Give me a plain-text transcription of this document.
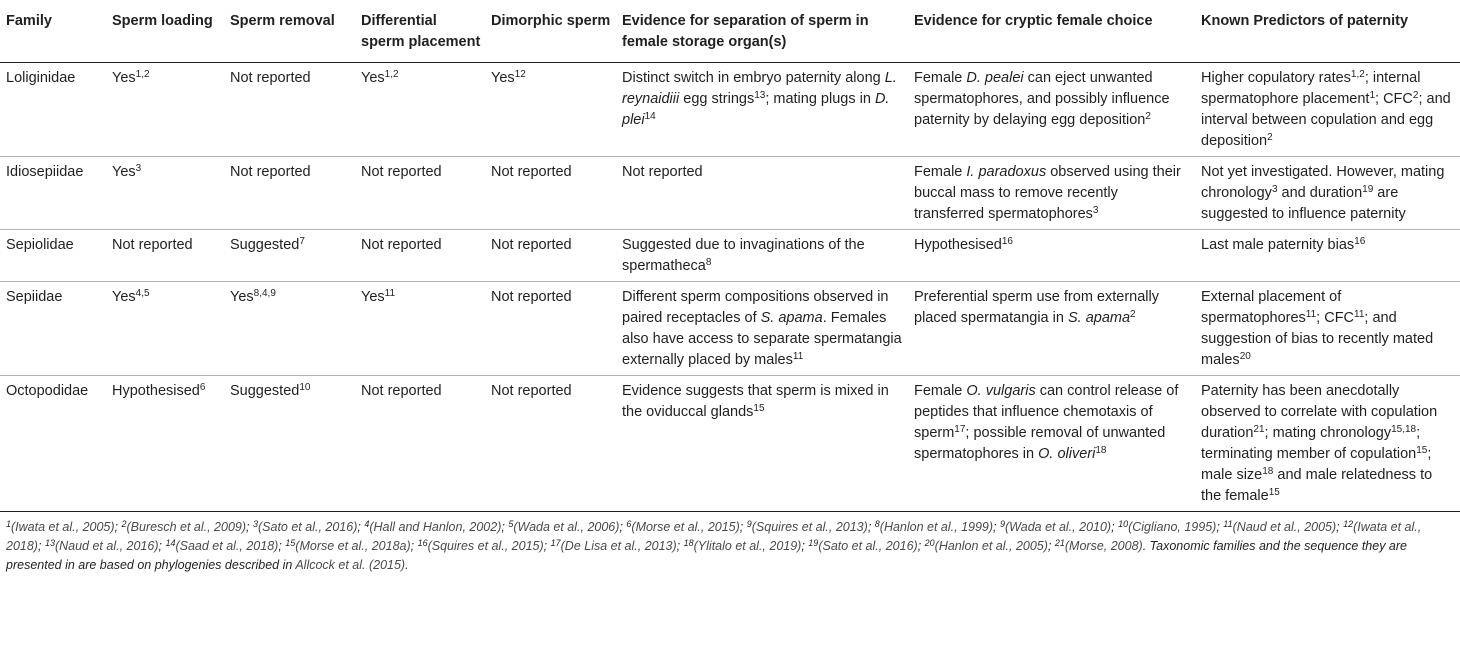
Family	Sperm loading	Sperm removal	Differential sperm placement	Dimorphic sperm	Evidence for separation of sperm in female storage organ(s)	Evidence for cryptic female choice	Known Predictors of paternity
Loliginidae	Yes$^{1,2}$	Not reported	Yes$^{1,2}$	Yes$^{12}$	Distinct switch in embryo paternity along L. reynaidiii egg strings$^{13}$; mating plugs in D. plei$^{14}$	Female D. pealei can eject unwanted spermatophores, and possibly influence paternity by delaying egg deposition$^2$	Higher copulatory rates$^{1,2}$; internal spermatophore placement$^1$; CFC$^2$; and interval between copulation and egg deposition$^2$
Idiosepiidae	Yes$^3$	Not reported	Not reported	Not reported	Not reported	Female I. paradoxus observed using their buccal mass to remove recently transferred spermatophores$^3$	Not yet investigated. However, mating chronology$^3$ and duration$^{19}$ are suggested to influence paternity
Sepiolidae	Not reported	Suggested$^7$	Not reported	Not reported	Suggested due to invaginations of the spermatheca$^8$	Hypothesised$^{16}$	Last male paternity bias$^{16}$
Sepiidae	Yes$^{4,5}$	Yes$^{8,4,9}$	Yes$^{11}$	Not reported	Different sperm compositions observed in paired receptacles of S. apama. Females also have access to separate spermatangia externally placed by males$^{11}$	Preferential sperm use from externally placed spermatangia in S. apama$^2$	External placement of spermatophores$^{11}$; CFC$^{11}$; and suggestion of bias to recently mated males$^{20}$
Octopodidae	Hypothesised$^6$	Suggested$^{10}$	Not reported	Not reported	Evidence suggests that sperm is mixed in the oviduccal glands$^{15}$	Female O. vulgaris can control release of peptides that influence chemotaxis of sperm$^{17}$; possible removal of unwanted spermatophores in O. oliveri$^{18}$	Paternity has been anecdotally observed to correlate with copulation duration$^{21}$; mating chronology$^{15,18}$; terminating member of copulation$^{15}$; male size$^{18}$ and male relatedness to the female$^{15}$
$^1$(Iwata et al., 2005); $^2$(Buresch et al., 2009); $^3$(Sato et al., 2016); $^4$(Hall and Hanlon, 2002); $^5$(Wada et al., 2006); $^6$(Morse et al., 2015); $^9$(Squires et al., 2013); $^8$(Hanlon et al., 1999); $^9$(Wada et al., 2010); $^{10}$(Cigliano, 1995); $^{11}$(Naud et al., 2005); $^{12}$(Iwata et al., 2018); $^{13}$(Naud et al., 2016); $^{14}$(Saad et al., 2018); $^{15}$(Morse et al., 2018a); $^{16}$(Squires et al., 2015); $^{17}$(De Lisa et al., 2013); $^{18}$(Ylitalo et al., 2019); $^{19}$(Sato et al., 2016); $^{20}$(Hanlon et al., 2005); $^{21}$(Morse, 2008). Taxonomic families and the sequence they are presented in are based on phylogenies described in Allcock et al. (2015).
